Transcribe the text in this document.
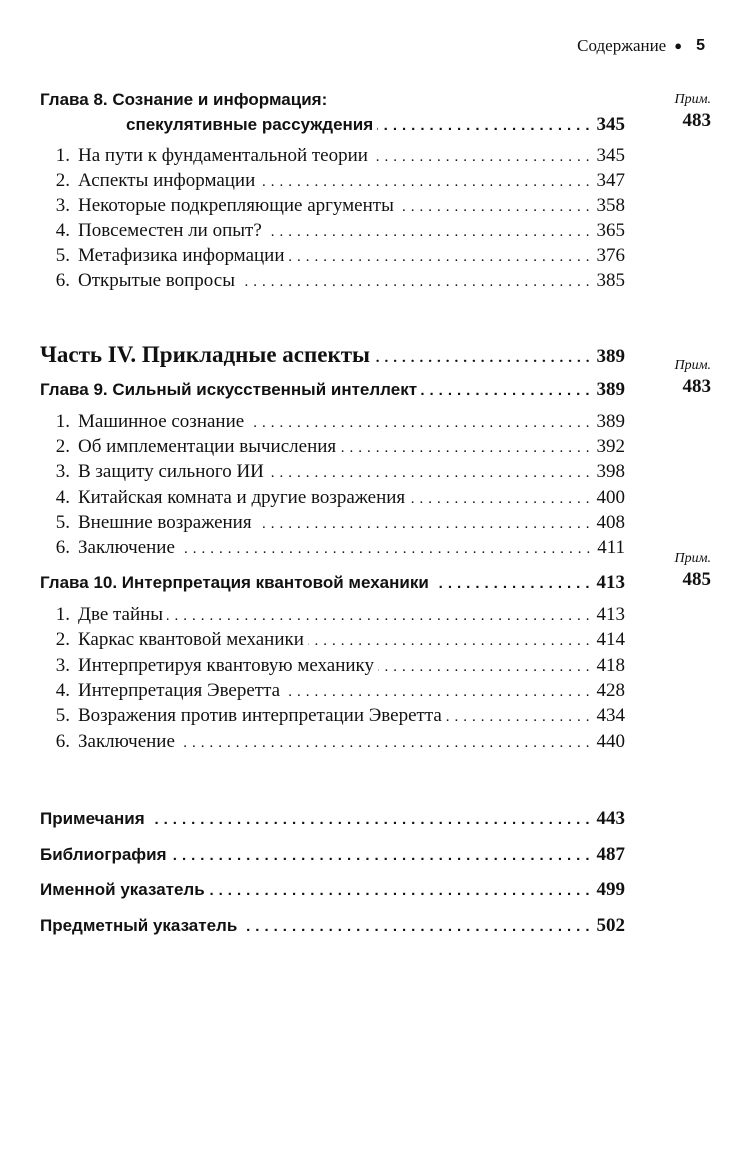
Содержание ● 5
Глава 8. Сознание и информация:
спекулятивные рассуждения .....	345
Прим.
483
1. На пути к фундаментальной теории .....	345
2. Аспекты информации .....	347
3. Некоторые подкрепляющие аргументы .....	358
4. Повсеместен ли опыт? .....	365
5. Метафизика информации .....	376
6. Открытые вопросы .....	385
Часть IV. Прикладные аспекты .....	389
Глава 9. Сильный искусственный интеллект .....	389
Прим.
483
1. Машинное сознание .....	389
2. Об имплементации вычисления .....	392
3. В защиту сильного ИИ .....	398
4. Китайская комната и другие возражения .....	400
5. Внешние возражения .....	408
6. Заключение .....	411
Глава 10. Интерпретация квантовой механики .....	413
Прим.
485
1. Две тайны .....	413
2. Каркас квантовой механики .....	414
3. Интерпретируя квантовую механику .....	418
4. Интерпретация Эверетта .....	428
5. Возражения против интерпретации Эверетта .....	434
6. Заключение .....	440
Примечания .....	443
Библиография .....	487
Именной указатель .....	499
Предметный указатель .....	502
